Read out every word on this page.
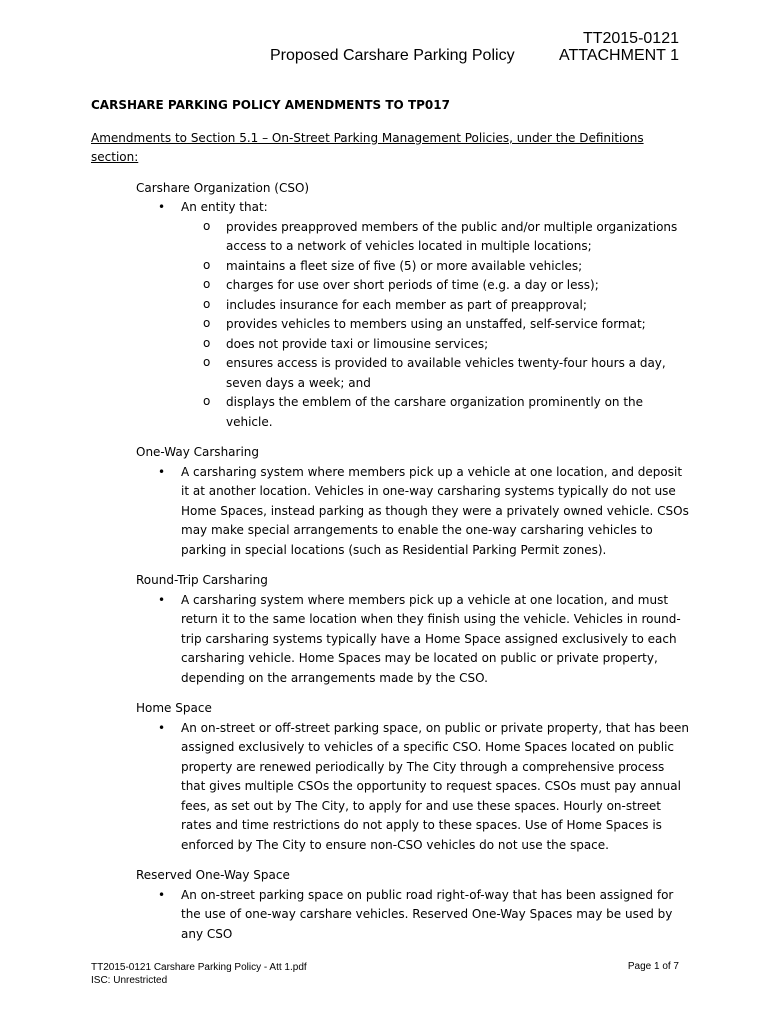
TT2015-0121
Proposed Carshare Parking Policy	ATTACHMENT 1

CARSHARE PARKING POLICY AMENDMENTS TO TP017

Amendments to Section 5.1 – On-Street Parking Management Policies, under the Definitions section:

Carshare Organization (CSO)

• An entity that:
o provides preapproved members of the public and/or multiple organizations access to a network of vehicles located in multiple locations;
o maintains a fleet size of five (5) or more available vehicles;
o charges for use over short periods of time (e.g. a day or less);
o includes insurance for each member as part of preapproval;
o provides vehicles to members using an unstaffed, self-service format;
o does not provide taxi or limousine services;
o ensures access is provided to available vehicles twenty-four hours a day, seven days a week; and
o displays the emblem of the carshare organization prominently on the vehicle.

One-Way Carsharing

• A carsharing system where members pick up a vehicle at one location, and deposit it at another location. Vehicles in one-way carsharing systems typically do not use Home Spaces, instead parking as though they were a privately owned vehicle. CSOs may make special arrangements to enable the one-way carsharing vehicles to parking in special locations (such as Residential Parking Permit zones).

Round-Trip Carsharing

• A carsharing system where members pick up a vehicle at one location, and must return it to the same location when they finish using the vehicle. Vehicles in round-trip carsharing systems typically have a Home Space assigned exclusively to each carsharing vehicle. Home Spaces may be located on public or private property, depending on the arrangements made by the CSO.

Home Space

• An on-street or off-street parking space, on public or private property, that has been assigned exclusively to vehicles of a specific CSO. Home Spaces located on public property are renewed periodically by The City through a comprehensive process that gives multiple CSOs the opportunity to request spaces. CSOs must pay annual fees, as set out by The City, to apply for and use these spaces. Hourly on-street rates and time restrictions do not apply to these spaces. Use of Home Spaces is enforced by The City to ensure non-CSO vehicles do not use the space.

Reserved One-Way Space

• An on-street parking space on public road right-of-way that has been assigned for the use of one-way carshare vehicles. Reserved One-Way Spaces may be used by any CSO
TT2015-0121 Carshare Parking Policy - Att 1.pdf
ISC: Unrestricted
Page 1 of 7
